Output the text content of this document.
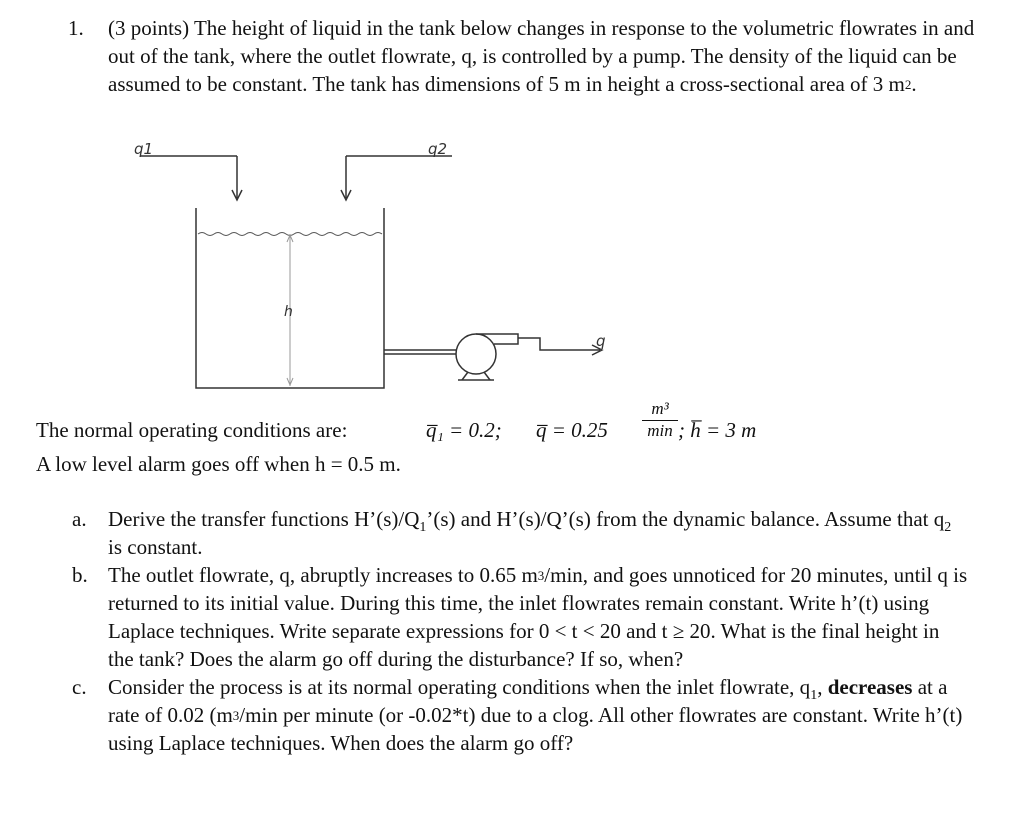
1. (3 points) The height of liquid in the tank below changes in response to the volumetric flowrates in and out of the tank, where the outlet flowrate, q, is controlled by a pump. The density of the liquid can be assumed to be constant. The tank has dimensions of 5 m in height a cross-sectional area of 3 $m^2$.
q1	q2
h
q
The normal operating conditions are:	q̅₁ = 0.2; q̅ = 0.25
m³
min ; h̅ = 3 m
A low level alarm goes off when h = 0.5 m.
a. Derive the transfer functions $H’(s)/Q_1’(s)$ and H’(s)/Q’(s) from the dynamic balance. Assume that $q_2$ is constant.
b. The outlet flowrate, q, abruptly increases to 0.65 $m^3/\min$, and goes unnoticed for 20 minutes, until q is returned to its initial value. During this time, the inlet flowrates remain constant. Write h’(t) using Laplace techniques. Write separate expressions for 0 < t < 20 and t ≥ 20. What is the final height in the tank? Does the alarm go off during the disturbance? If so, when?
c. Consider the process is at its normal operating conditions when the inlet flowrate, $q_1$, decreases at a rate of 0.02 ($m^3/\min$ per minute (or -0.02*t) due to a clog. All other flowrates are constant. Write h’(t) using Laplace techniques. When does the alarm go off?
